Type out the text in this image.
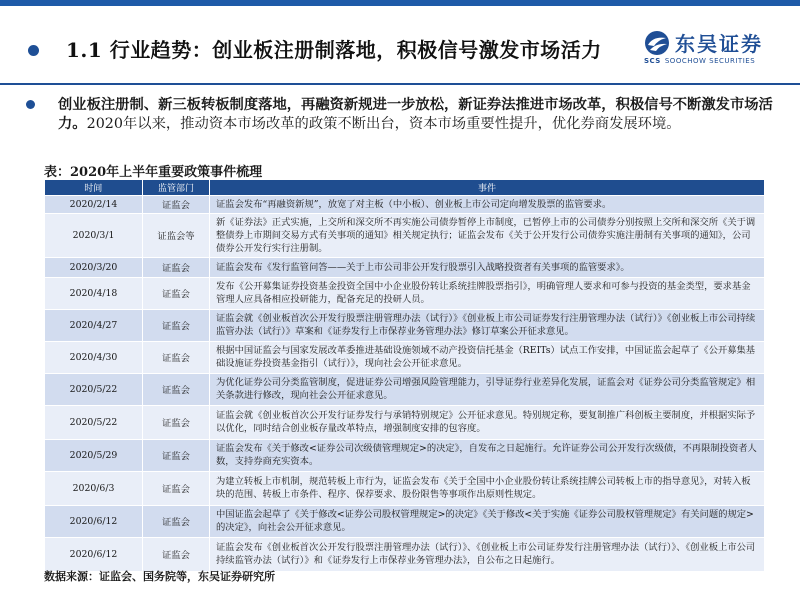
1.1 行业趋势：创业板注册制落地，积极信号激发市场活力	东吴证券
SCS SOOCHOW SECURITIES
创业板注册制、新三板转板制度落地，再融资新规进一步放松，新证券法推进市场改革，积极信号不断激发市场活力。2020年以来，推动资本市场改革的政策不断出台，资本市场重要性提升，优化券商发展环境。
表：2020年上半年重要政策事件梳理
时间	监管部门	事件
2020/2/14	证监会	证监会发布“再融资新规”，放宽了对主板（中小板）、创业板上市公司定向增发股票的监管要求。
2020/3/1	证监会等	新《证券法》正式实施，上交所和深交所不再实施公司债券暂停上市制度，已暂停上市的公司债券分别按照上交所和深交所《关于调整债券上市期间交易方式有关事项的通知》相关规定执行；证监会发布《关于公开发行公司债券实施注册制有关事项的通知》，公司债券公开发行实行注册制。
2020/3/20	证监会	证监会发布《发行监管问答——关于上市公司非公开发行股票引入战略投资者有关事项的监管要求》。
2020/4/18	证监会	发布《公开募集证券投资基金投资全国中小企业股份转让系统挂牌股票指引》，明确管理人要求和可参与投资的基金类型，要求基金管理人应具备相应投研能力，配备充足的投研人员。
2020/4/27	证监会	证监会就《创业板首次公开发行股票注册管理办法（试行）》《创业板上市公司证券发行注册管理办法（试行）》《创业板上市公司持续监管办法（试行）》草案和《证券发行上市保荐业务管理办法》修订草案公开征求意见。
2020/4/30	证监会	根据中国证监会与国家发展改革委推进基础设施领域不动产投资信托基金（REITs）试点工作安排，中国证监会起草了《公开募集基础设施证券投资基金指引（试行）》，现向社会公开征求意见。
2020/5/22	证监会	为优化证券公司分类监管制度，促进证券公司增强风险管理能力，引导证券行业差异化发展，证监会对《证券公司分类监管规定》相关条款进行修改，现向社会公开征求意见。
2020/5/22	证监会	证监会就《创业板首次公开发行证券发行与承销特别规定》公开征求意见。特别规定称，要复制推广科创板主要制度，并根据实际予以优化，同时结合创业板存量改革特点，增强制度安排的包容度。
2020/5/29	证监会	证监会发布《关于修改<证券公司次级债管理规定>的决定》，自发布之日起施行。允许证券公司公开发行次级债，不再限制投资者人数，支持券商充实资本。
2020/6/3	证监会	为建立转板上市机制，规范转板上市行为，证监会发布《关于全国中小企业股份转让系统挂牌公司转板上市的指导意见》，对转入板块的范围、转板上市条件、程序、保荐要求、股份限售等事项作出原则性规定。
2020/6/12	证监会	中国证监会起草了《关于修改<证券公司股权管理规定>的决定》《关于修改<关于实施《证券公司股权管理规定》有关问题的规定>的决定》，向社会公开征求意见。
2020/6/12	证监会	证监会发布《创业板首次公开发行股票注册管理办法（试行）》、《创业板上市公司证券发行注册管理办法（试行）》、《创业板上市公司持续监管办法（试行）》和《证券发行上市保荐业务管理办法》，自公布之日起施行。
数据来源：证监会、国务院等，东吴证券研究所
